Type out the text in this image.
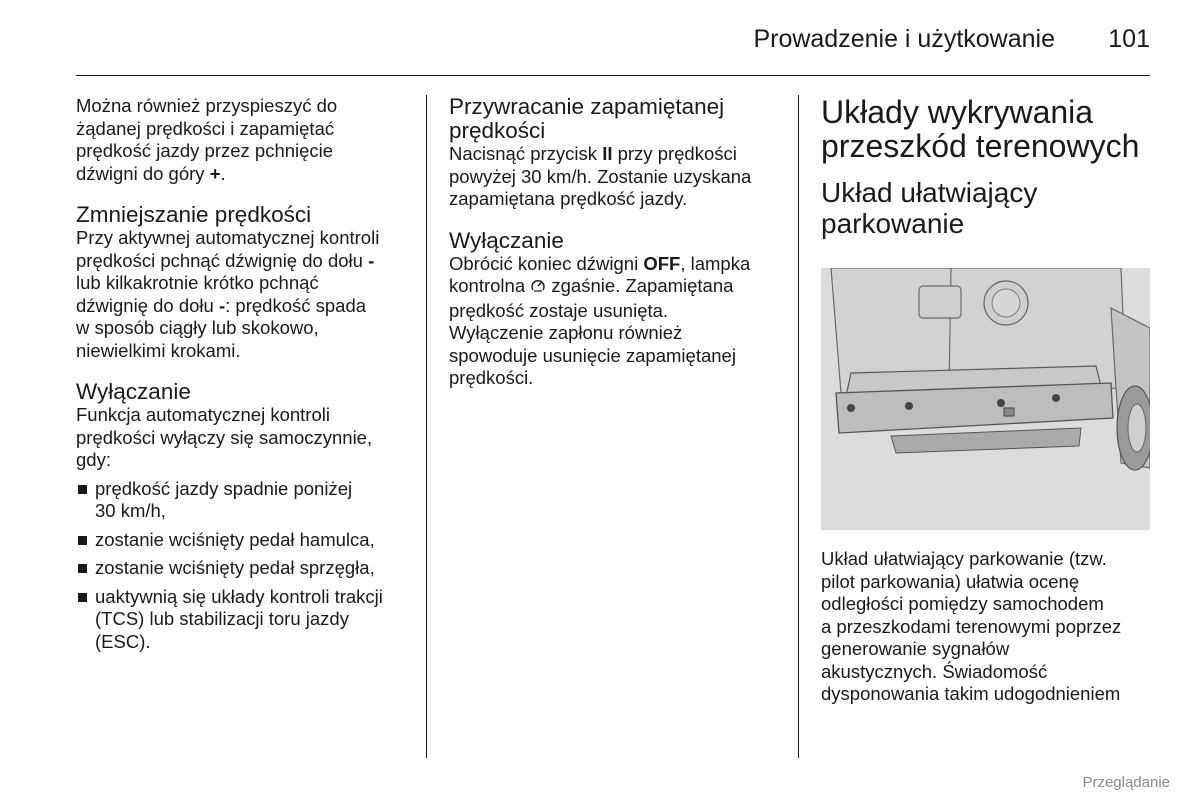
Prowadzenie i użytkowanie 101

Można również przyspieszyć do

żądanej prędkości i zapamiętać

prędkość jazdy przez pchnięcie

dźwigni do góry +.

Zmniejszanie prędkości

Przy aktywnej automatycznej kontroli

prędkości pchnąć dźwignię do dołu -

lub kilkakrotnie krótko pchnąć

dźwignię do dołu -: prędkość spada

w sposób ciągły lub skokowo,

niewielkimi krokami.

Wyłączanie

Funkcja automatycznej kontroli

prędkości wyłączy się samoczynnie,

gdy:

prędkość jazdy spadnie poniżej
30 km/h,
zostanie wciśnięty pedał hamulca,
zostanie wciśnięty pedał sprzęgła,
uaktywnią się układy kontroli trakcji
(TCS) lub stabilizacji toru jazdy
(ESC).
Przywracanie zapamiętanej
prędkości

Nacisnąć przycisk II przy prędkości

powyżej 30 km/h. Zostanie uzyskana

zapamiętana prędkość jazdy.

Wyłączanie

Obrócić koniec dźwigni OFF, lampka

kontrolna zgaśnie. Zapamiętana

prędkość zostaje usunięta.

Wyłączenie zapłonu również

spowoduje usunięcie zapamiętanej

prędkości.

Układy wykrywania
przeszkód terenowych
Układ ułatwiający
parkowanie

Układ ułatwiający parkowanie (tzw.

pilot parkowania) ułatwia ocenę

odległości pomiędzy samochodem

a przeszkodami terenowymi poprzez

generowanie sygnałów

akustycznych. Świadomość

dysponowania takim udogodnieniem

Przeglądanie
